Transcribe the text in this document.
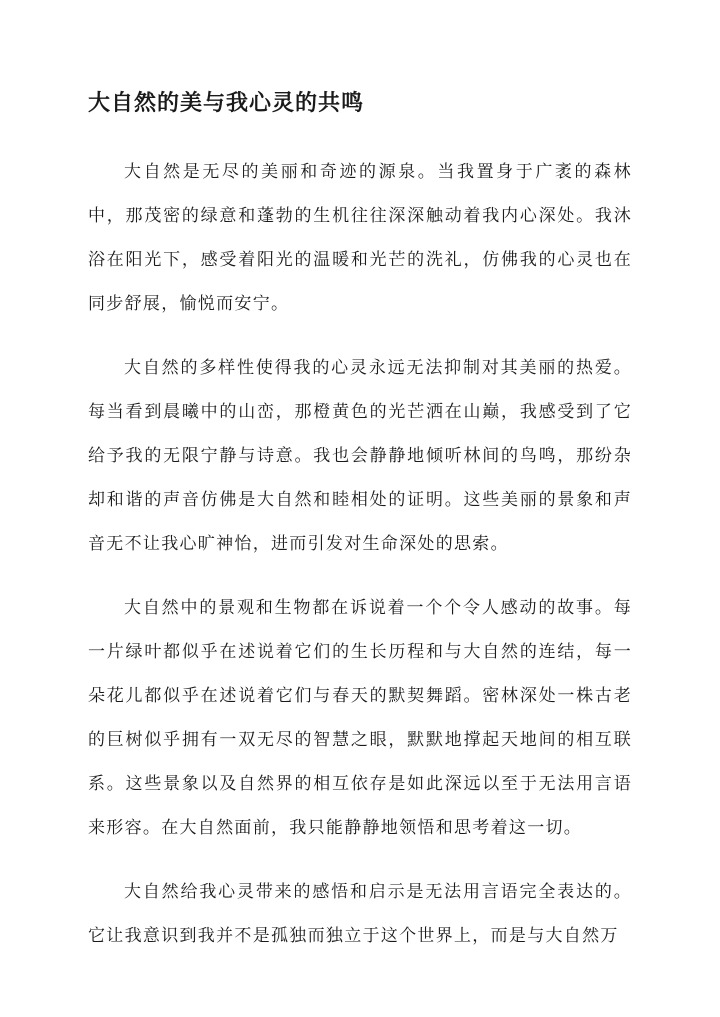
大自然的美与我心灵的共鸣

大自然是无尽的美丽和奇迹的源泉。当我置身于广袤的森林中，那茂密的绿意和蓬勃的生机往往深深触动着我内心深处。我沐浴在阳光下，感受着阳光的温暖和光芒的洗礼，仿佛我的心灵也在同步舒展，愉悦而安宁。

大自然的多样性使得我的心灵永远无法抑制对其美丽的热爱。每当看到晨曦中的山峦，那橙黄色的光芒洒在山巅，我感受到了它给予我的无限宁静与诗意。我也会静静地倾听林间的鸟鸣，那纷杂却和谐的声音仿佛是大自然和睦相处的证明。这些美丽的景象和声音无不让我心旷神怡，进而引发对生命深处的思索。

大自然中的景观和生物都在诉说着一个个令人感动的故事。每一片绿叶都似乎在述说着它们的生长历程和与大自然的连结，每一朵花儿都似乎在述说着它们与春天的默契舞蹈。密林深处一株古老的巨树似乎拥有一双无尽的智慧之眼，默默地撑起天地间的相互联系。这些景象以及自然界的相互依存是如此深远以至于无法用言语来形容。在大自然面前，我只能静静地领悟和思考着这一切。

大自然给我心灵带来的感悟和启示是无法用言语完全表达的。它让我意识到我并不是孤独而独立于这个世界上，而是与大自然万
